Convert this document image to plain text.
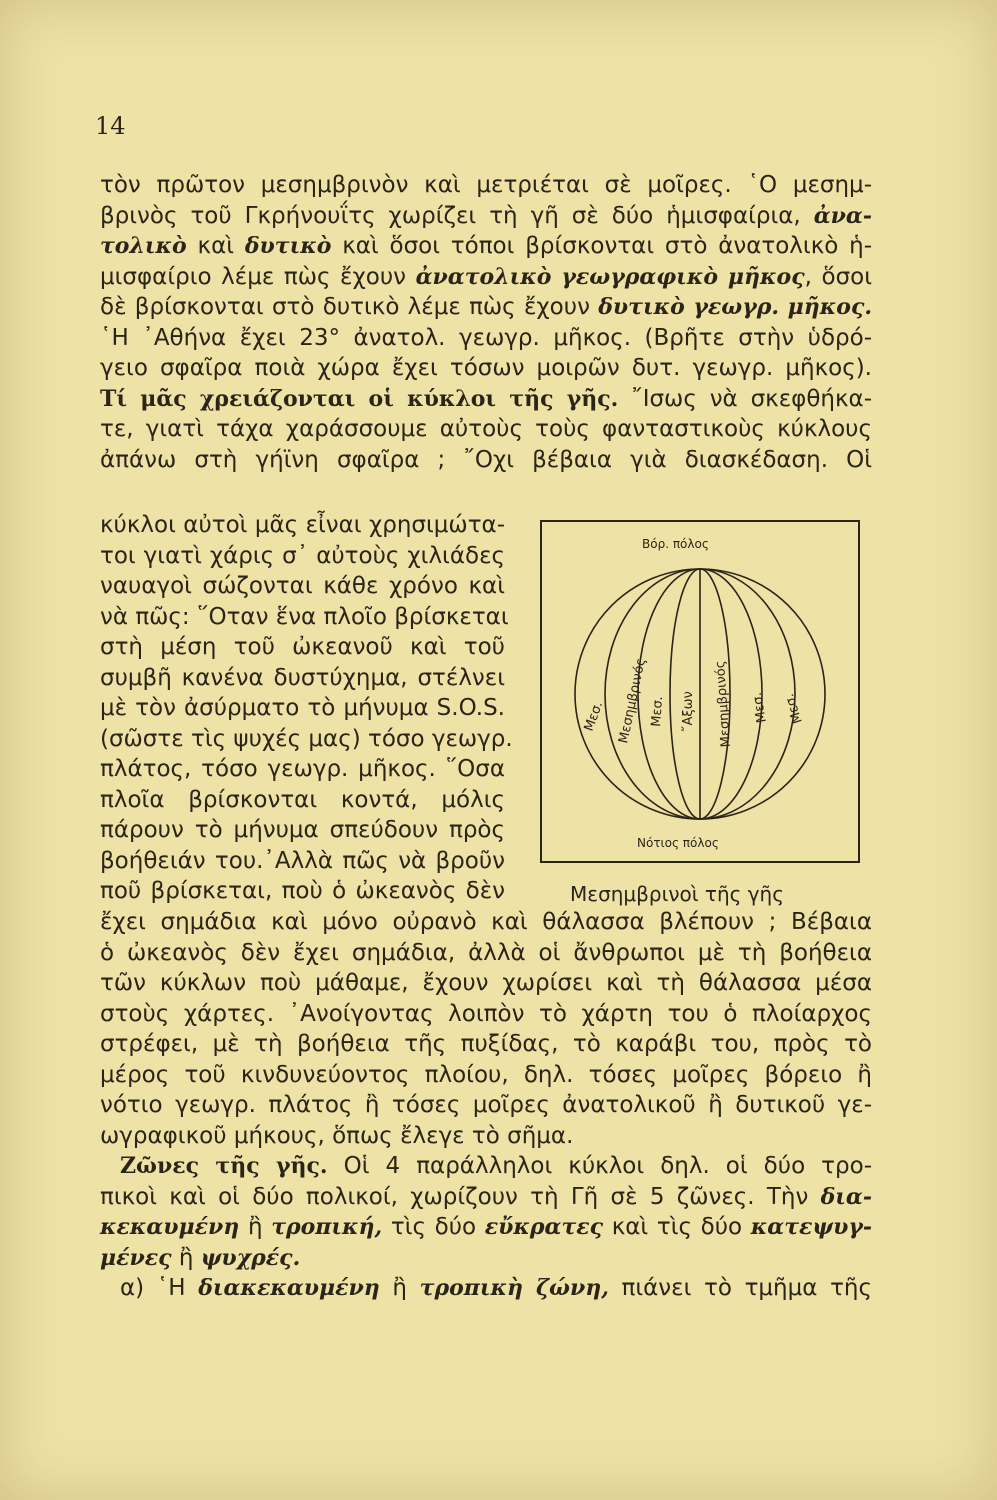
14
τὸν πρῶτον μεσημβρινὸν καὶ μετριέται σὲ μοῖρες. ῾Ο μεσημ-
βρινὸς τοῦ Γκρήνουΐτς χωρίζει τὴ γῆ σὲ δύο ἡμισφαίρια, ἀνα-
τολικὸ καὶ δυτικὸ καὶ ὅσοι τόποι βρίσκονται στὸ ἀνατολικὸ ἡ-
μισφαίριο λέμε πὼς ἔχουν ἀνατολικὸ γεωγραφικὸ μῆκος, ὅσοι
δὲ βρίσκονται στὸ δυτικὸ λέμε πὼς ἔχουν δυτικὸ γεωγρ. μῆκος.
῾Η ᾽Αθήνα ἔχει 23° ἀνατολ. γεωγρ. μῆκος. (Βρῆτε στὴν ὑδρό-
γειο σφαῖρα ποιὰ χώρα ἔχει τόσων μοιρῶν δυτ. γεωγρ. μῆκος).
Τί μᾶς χρειάζονται οἱ κύκλοι τῆς γῆς. ῎Ισως νὰ σκεφθήκα-
τε, γιατὶ τάχα χαράσσουμε αὐτοὺς τοὺς φανταστικοὺς κύκλους
ἀπάνω στὴ γήϊνη σφαῖρα ; ῎Οχι βέβαια γιὰ διασκέδαση. Οἱ
κύκλοι αὐτοὶ μᾶς εἶναι χρησιμώτα-
τοι γιατὶ χάρις σ᾽ αὐτοὺς χιλιάδες
ναυαγοὶ σώζονται κάθε χρόνο καὶ
νὰ πῶς: ῞Οταν ἕνα πλοῖο βρίσκεται
στὴ μέση τοῦ ὠκεανοῦ καὶ τοῦ
συμβῆ κανένα δυστύχημα, στέλνει
μὲ τὸν ἀσύρματο τὸ μήνυμα S.O.S.
(σῶστε τὶς ψυχές μας) τόσο γεωγρ.
πλάτος, τόσο γεωγρ. μῆκος. ῞Οσα
πλοῖα βρίσκονται κοντά, μόλις
πάρουν τὸ μήνυμα σπεύδουν πρὸς
βοήθειάν του.᾽Αλλὰ πῶς νὰ βροῦν
ποῦ βρίσκεται, ποὺ ὁ ὠκεανὸς δὲν
Βόρ. πόλος
Νότιος πόλος
Μεσ. Μεσημβρινός Μεσ. ῎Αξων Μεσημβρινός Μεσ. Μεσ.
Μεσημβρινοὶ τῆς γῆς
ἔχει σημάδια καὶ μόνο οὐρανὸ καὶ θάλασσα βλέπουν ; Βέβαια
ὁ ὠκεανὸς δὲν ἔχει σημάδια, ἀλλὰ οἱ ἄνθρωποι μὲ τὴ βοήθεια
τῶν κύκλων ποὺ μάθαμε, ἔχουν χωρίσει καὶ τὴ θάλασσα μέσα
στοὺς χάρτες. ᾽Ανοίγοντας λοιπὸν τὸ χάρτη του ὁ πλοίαρχος
στρέφει, μὲ τὴ βοήθεια τῆς πυξίδας, τὸ καράβι του, πρὸς τὸ
μέρος τοῦ κινδυνεύοντος πλοίου, δηλ. τόσες μοῖρες βόρειο ἢ
νότιο γεωγρ. πλάτος ἢ τόσες μοῖρες ἀνατολικοῦ ἢ δυτικοῦ γε-
ωγραφικοῦ μήκους, ὅπως ἔλεγε τὸ σῆμα.
Ζῶνες τῆς γῆς. Οἱ 4 παράλληλοι κύκλοι δηλ. οἱ δύο τρο-
πικοὶ καὶ οἱ δύο πολικοί, χωρίζουν τὴ Γῆ σὲ 5 ζῶνες. Τὴν δια-
κεκαυμένη ἢ τροπική, τὶς δύο εὔκρατες καὶ τὶς δύο κατεψυγ-
μένες ἢ ψυχρές.
α) ῾Η διακεκαυμένη ἢ τροπικὴ ζώνη, πιάνει τὸ τμῆμα τῆς
